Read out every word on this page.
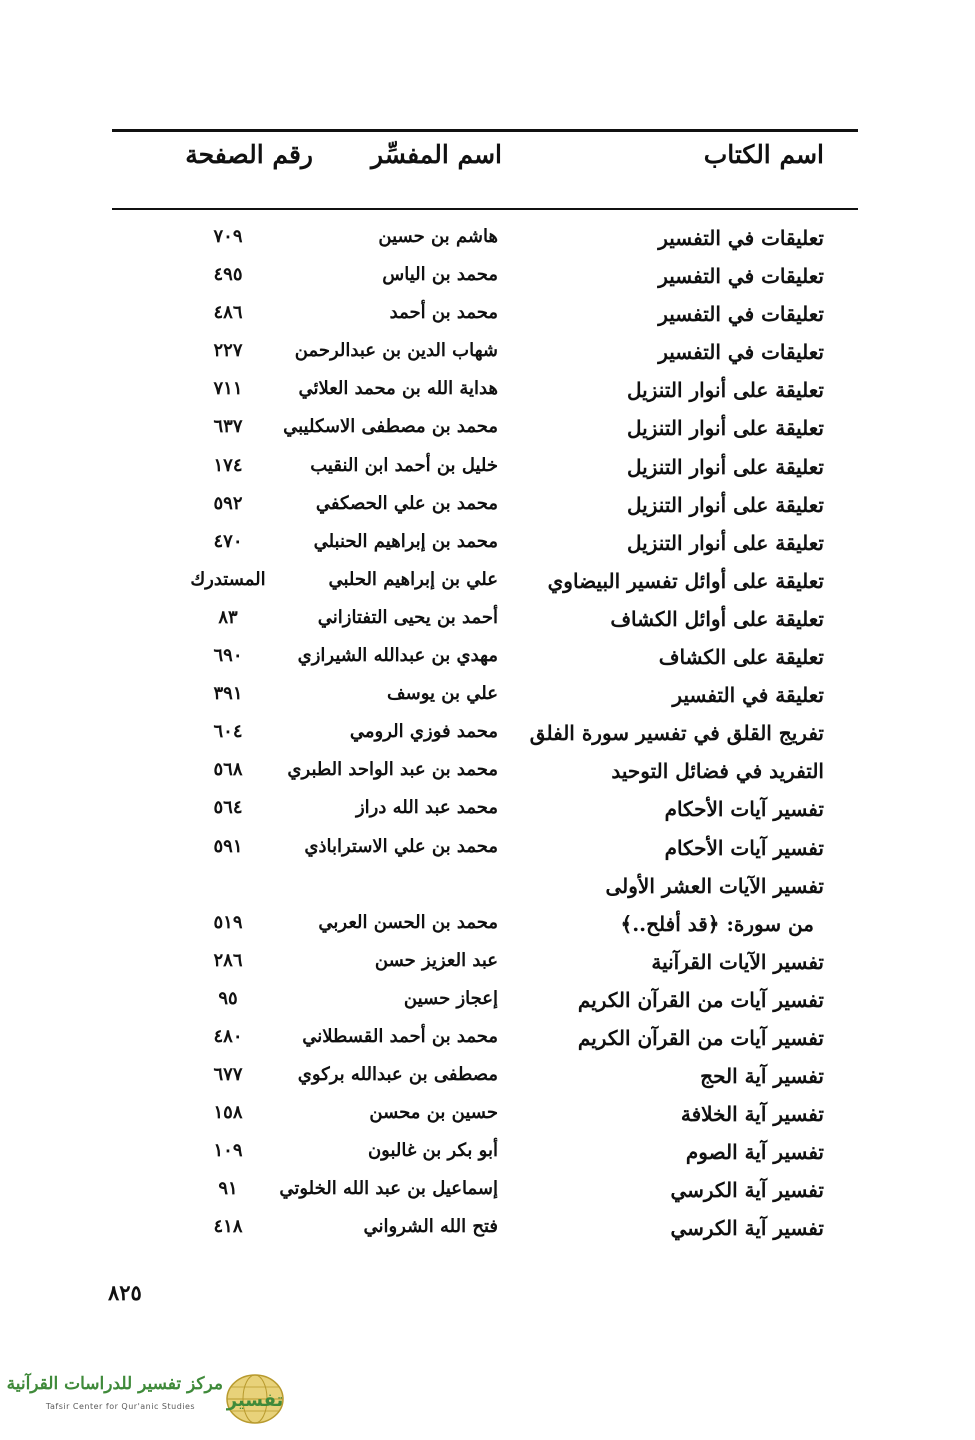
اسم الكتاب
اسم المفسِّر
رقم الصفحة
تعليقات في التفسير
هاشم بن حسين
٧٠٩
تعليقات في التفسير
محمد بن الياس
٤٩٥
تعليقات في التفسير
محمد بن أحمد
٤٨٦
تعليقات في التفسير
شهاب الدين بن عبدالرحمن
٢٢٧
تعليقة على أنوار التنزيل
هداية الله بن محمد العلائي
٧١١
تعليقة على أنوار التنزيل
محمد بن مصطفى الاسكليبي
٦٣٧
تعليقة على أنوار التنزيل
خليل بن أحمد ابن النقيب
١٧٤
تعليقة على أنوار التنزيل
محمد بن علي الحصكفي
٥٩٢
تعليقة على أنوار التنزيل
محمد بن إبراهيم الحنبلي
٤٧٠
تعليقة على أوائل تفسير البيضاوي
علي بن إبراهيم الحلبي
المستدرك
تعليقة على أوائل الكشاف
أحمد بن يحيى التفتازاني
٨٣
تعليقة على الكشاف
مهدي بن عبدالله الشيرازي
٦٩٠
تعليقة في التفسير
علي بن يوسف
٣٩١
تفريج القلق في تفسير سورة الفلق
محمد فوزي الرومي
٦٠٤
التفريد في فضائل التوحيد
محمد بن عبد الواحد الطبري
٥٦٨
تفسير آيات الأحكام
محمد عبد الله دراز
٥٦٤
تفسير آيات الأحكام
محمد بن علي الاستراباذي
٥٩١
تفسير الآيات العشر الأولى
من سورة: ﴿قد أفلح..﴾
محمد بن الحسن العربي
٥١٩
تفسير الآيات القرآنية
عبد العزيز حسن
٢٨٦
تفسير آيات من القرآن الكريم
إعجاز حسين
٩٥
تفسير آيات من القرآن الكريم
محمد بن أحمد القسطلاني
٤٨٠
تفسير آية الحج
مصطفى بن عبدالله بركوي
٦٧٧
تفسير آية الخلافة
حسين بن محسن
١٥٨
تفسير آية الصوم
أبو بكر بن غالبون
١٠٩
تفسير آية الكرسي
إسماعيل بن عبد الله الخلوتي
٩١
تفسير آية الكرسي
فتح الله الشرواني
٤١٨
٨٢٥
مركز تفسير للدراسات القرآنية
Tafsir Center for Qur'anic Studies	تفسير
